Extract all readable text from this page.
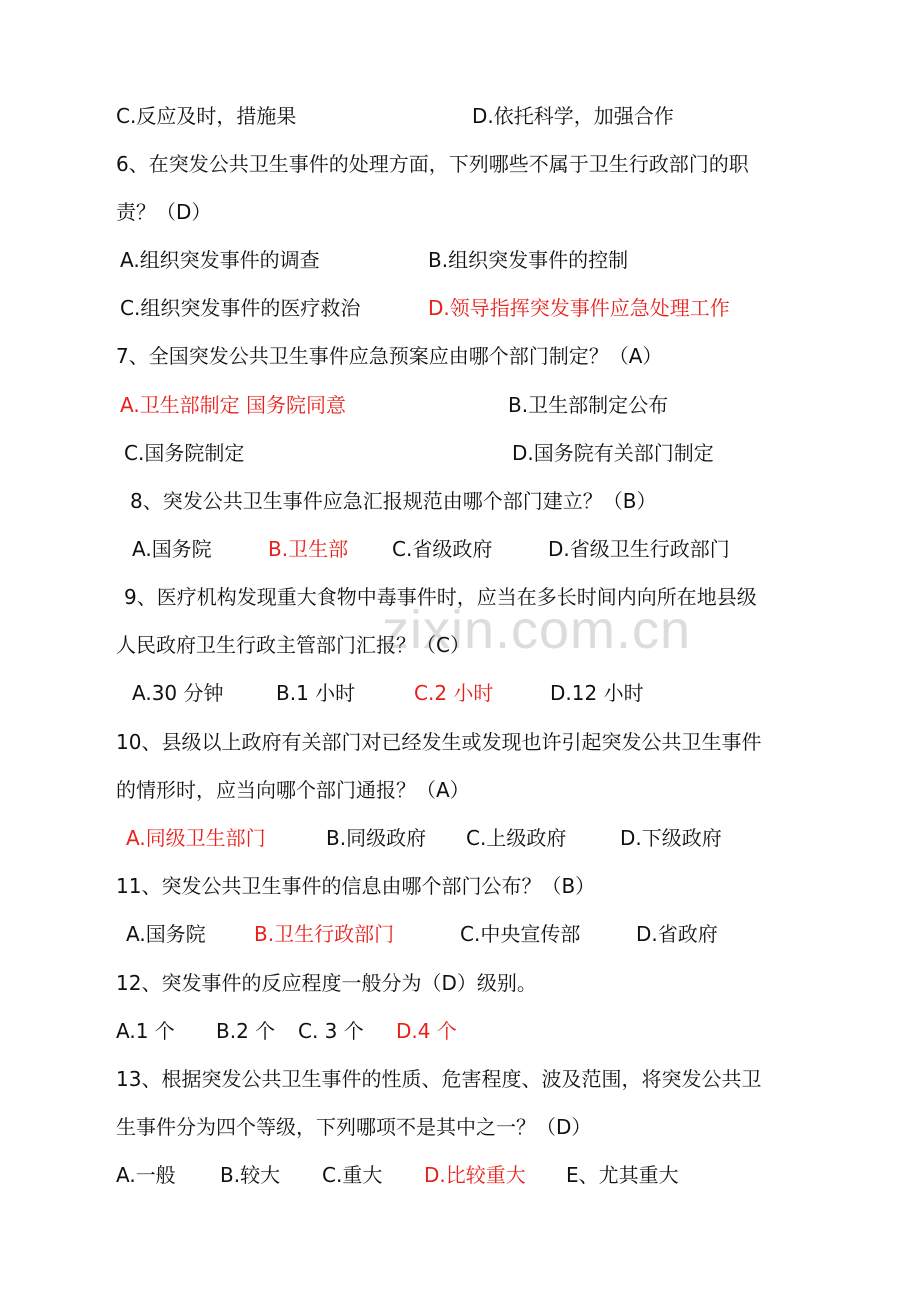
zixin.com.cn
C.反应及时，措施果	D.依托科学，加强合作
6、在突发公共卫生事件的处理方面，下列哪些不属于卫生行政部门的职
责？（D）
A.组织突发事件的调查	B.组织突发事件的控制
C.组织突发事件的医疗救治	D.领导指挥突发事件应急处理工作
7、全国突发公共卫生事件应急预案应由哪个部门制定？（A）
A.卫生部制定 国务院同意	B.卫生部制定公布
C.国务院制定	D.国务院有关部门制定
8、突发公共卫生事件应急汇报规范由哪个部门建立？（B）
A.国务院	B.卫生部 C.省级政府	D.省级卫生行政部门
9、医疗机构发现重大食物中毒事件时，应当在多长时间内向所在地县级
人民政府卫生行政主管部门汇报？（C）
A.30 分钟	B.1 小时	C.2 小时	D.12 小时
10、县级以上政府有关部门对已经发生或发现也许引起突发公共卫生事件
的情形时，应当向哪个部门通报？（A）
A.同级卫生部门	B.同级政府 C.上级政府	D.下级政府
11、突发公共卫生事件的信息由哪个部门公布？（B）
A.国务院 B.卫生行政部门	C.中央宣传部	D.省政府
12、突发事件的反应程度一般分为（D）级别。
A.1 个 B.2 个 C. 3 个 D.4 个
13、根据突发公共卫生事件的性质、危害程度、波及范围，将突发公共卫
生事件分为四个等级，下列哪项不是其中之一？（D）
A.一般 B.较大 C.重大 D.比较重大 E、尤其重大
